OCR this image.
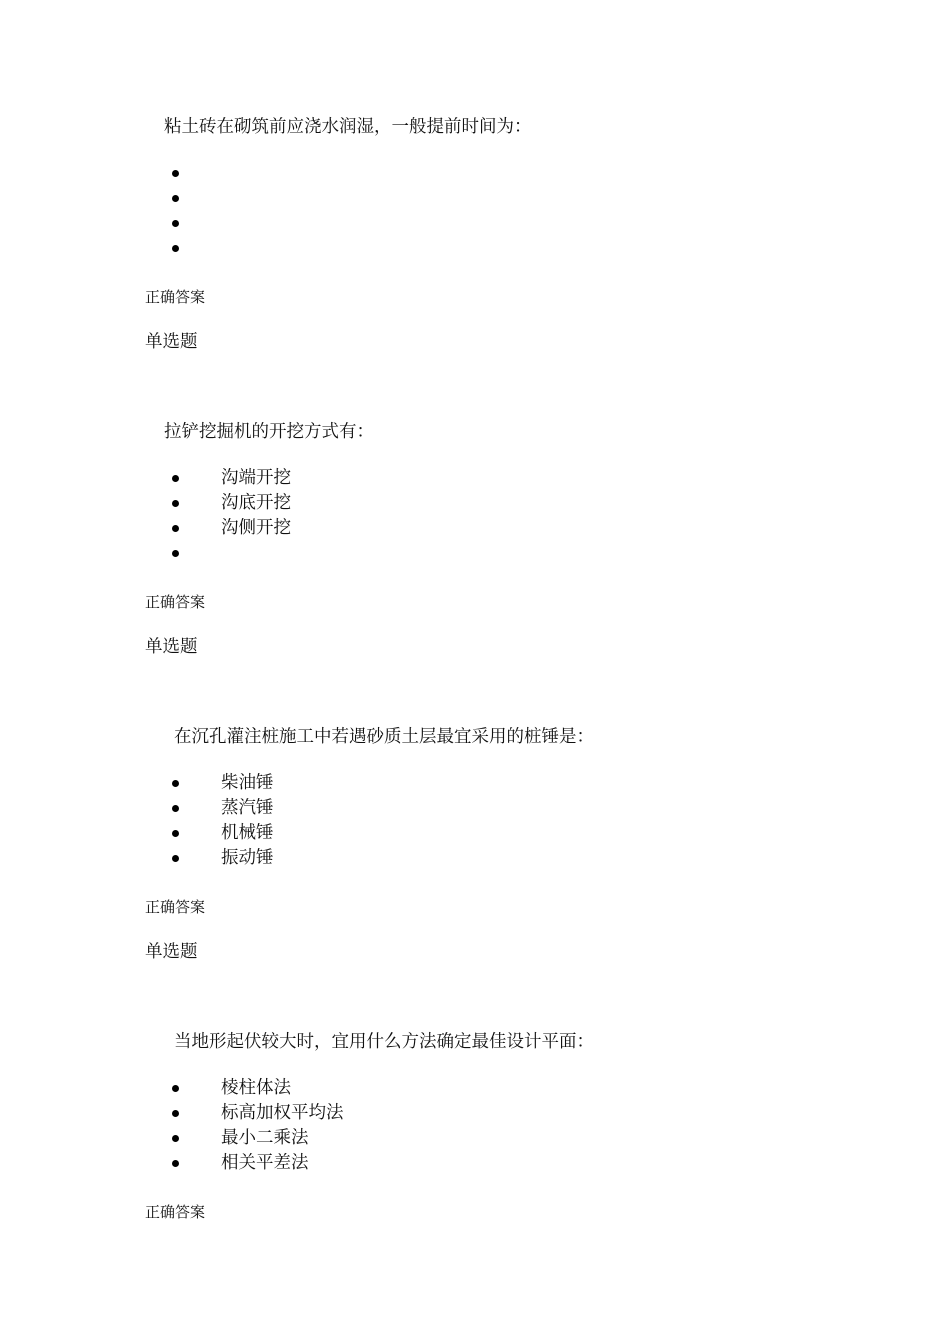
粘土砖在砌筑前应浇水润湿，一般提前时间为：
正确答案
单选题
拉铲挖掘机的开挖方式有：
沟端开挖
沟底开挖
沟侧开挖
正确答案
单选题
在沉孔灌注桩施工中若遇砂质土层最宜采用的桩锤是：
柴油锤
蒸汽锤
机械锤
振动锤
正确答案
单选题
当地形起伏较大时，宜用什么方法确定最佳设计平面：
棱柱体法
标高加权平均法
最小二乘法
相关平差法
正确答案
